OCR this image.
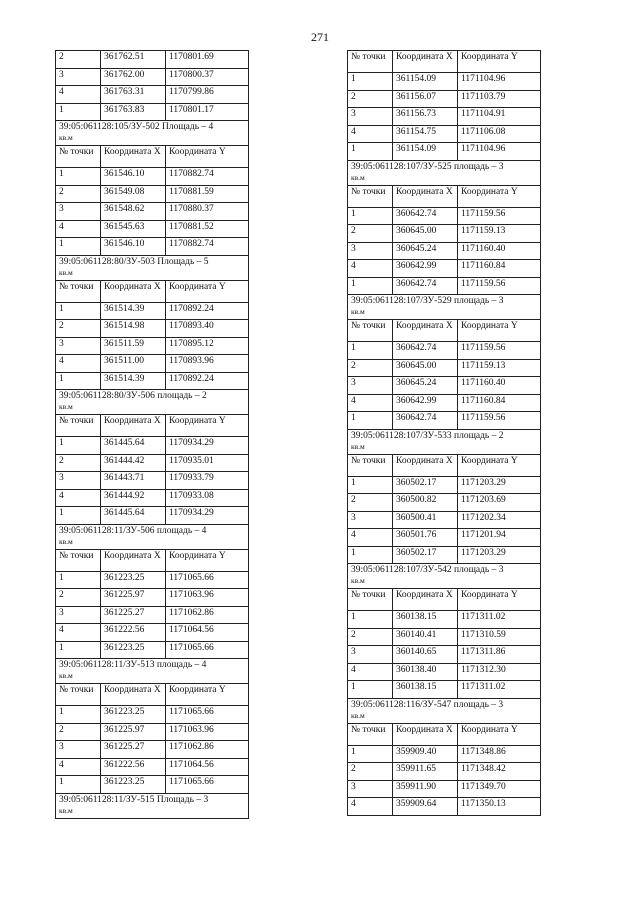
271
2	361762.51	1170801.69
3	361762.00	1170800.37
4	361763.31	1170799.86
1	361763.83	1170801.17
39:05:061128:105/ЗУ-502 Площадь – 4
кв.м		

№ точки	Координата X	Координата Y
1	361546.10	1170882.74
2	361549.08	1170881.59
3	361548.62	1170880.37
4	361545.63	1170881.52
1	361546.10	1170882.74
39:05:061128:80/ЗУ-503 Площадь – 5
кв.м		

№ точки	Координата X	Координата Y
1	361514.39	1170892.24
2	361514.98	1170893.40
3	361511.59	1170895.12
4	361511.00	1170893.96
1	361514.39	1170892.24
39:05:061128:80/ЗУ-506 площадь – 2
кв.м		

№ точки	Координата X	Координата Y
1	361445.64	1170934.29
2	361444.42	1170935.01
3	361443.71	1170933.79
4	361444.92	1170933.08
1	361445.64	1170934.29
39:05:061128:11/ЗУ-506 площадь – 4
кв.м		

№ точки	Координата X	Координата Y
1	361223.25	1171065.66
2	361225.97	1171063.96
3	361225.27	1171062.86
4	361222.56	1171064.56
1	361223.25	1171065.66
39:05:061128:11/ЗУ-513 площадь – 4
кв.м		

№ точки	Координата X	Координата Y
1	361223.25	1171065.66
2	361225.97	1171063.96
3	361225.27	1171062.86
4	361222.56	1171064.56
1	361223.25	1171065.66
39:05:061128:11/ЗУ-515 Площадь – 3
кв.м		
№ точки	Координата X	Координата Y
1	361154.09	1171104.96
2	361156.07	1171103.79
3	361156.73	1171104.91
4	361154.75	1171106.08
1	361154.09	1171104.96
39:05:061128:107/ЗУ-525 площадь – 3
кв.м		

№ точки	Координата X	Координата Y
1	360642.74	1171159.56
2	360645.00	1171159.13
3	360645.24	1171160.40
4	360642.99	1171160.84
1	360642.74	1171159.56
39:05:061128:107/ЗУ-529 площадь – 3
кв.м		

№ точки	Координата X	Координата Y
1	360642.74	1171159.56
2	360645.00	1171159.13
3	360645.24	1171160.40
4	360642.99	1171160.84
1	360642.74	1171159.56
39:05:061128:107/ЗУ-533 площадь – 2
кв.м		

№ точки	Координата X	Координата Y
1	360502.17	1171203.29
2	360500.82	1171203.69
3	360500.41	1171202.34
4	360501.76	1171201.94
1	360502.17	1171203.29
39:05:061128:107/ЗУ-542 площадь – 3
кв.м		

№ точки	Координата X	Координата Y
1	360138.15	1171311.02
2	360140.41	1171310.59
3	360140.65	1171311.86
4	360138.40	1171312.30
1	360138.15	1171311.02
39:05:061128:116/ЗУ-547 площадь – 3
кв.м		

№ точки	Координата X	Координата Y
1	359909.40	1171348.86
2	359911.65	1171348.42
3	359911.90	1171349.70
4	359909.64	1171350.13
